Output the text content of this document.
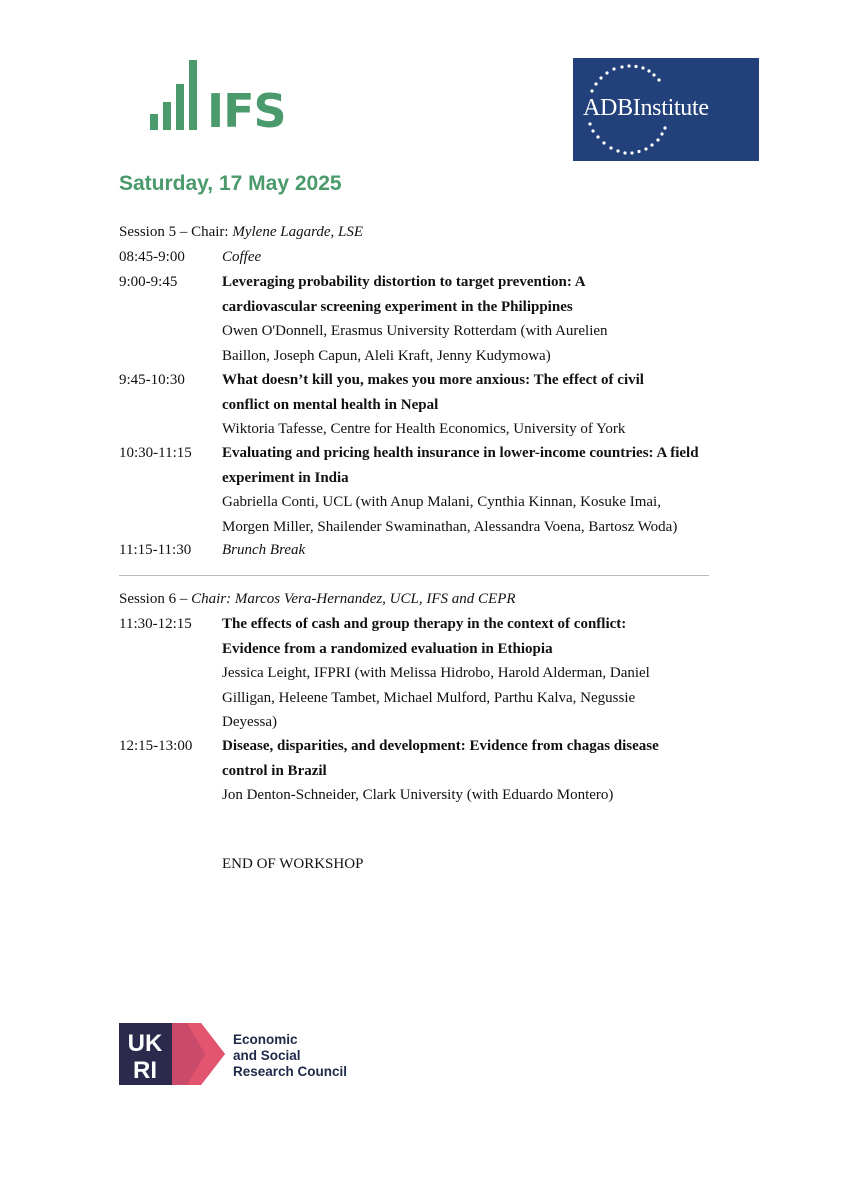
IFS	ADBInstitute
Saturday, 17 May 2025
Session 5 – Chair: Mylene Lagarde, LSE
08:45-9:00 Coffee
9:00-9:45	Leveraging probability distortion to target prevention: A cardiovascular screening experiment in the Philippines
Owen O'Donnell, Erasmus University Rotterdam (with Aurelien Baillon, Joseph Capun, Aleli Kraft, Jenny Kudymowa)
9:45-10:30 What doesn’t kill you, makes you more anxious: The effect of civil conflict on mental health in Nepal
Wiktoria Tafesse, Centre for Health Economics, University of York
10:30-11:15 Evaluating and pricing health insurance in lower-income countries: A field experiment in India
Gabriella Conti, UCL (with Anup Malani, Cynthia Kinnan, Kosuke Imai, Morgen Miller, Shailender Swaminathan, Alessandra Voena, Bartosz Woda)
11:15-11:30 Brunch Break
Session 6 – Chair: Marcos Vera-Hernandez, UCL, IFS and CEPR
11:30-12:15 The effects of cash and group therapy in the context of conflict: Evidence from a randomized evaluation in Ethiopia
Jessica Leight, IFPRI (with Melissa Hidrobo, Harold Alderman, Daniel Gilligan, Heleene Tambet, Michael Mulford, Parthu Kalva, Negussie Deyessa)
12:15-13:00 Disease, disparities, and development: Evidence from chagas disease control in Brazil
Jon Denton-Schneider, Clark University (with Eduardo Montero)
END OF WORKSHOP
UK
RI
Economic
and Social
Research Council
